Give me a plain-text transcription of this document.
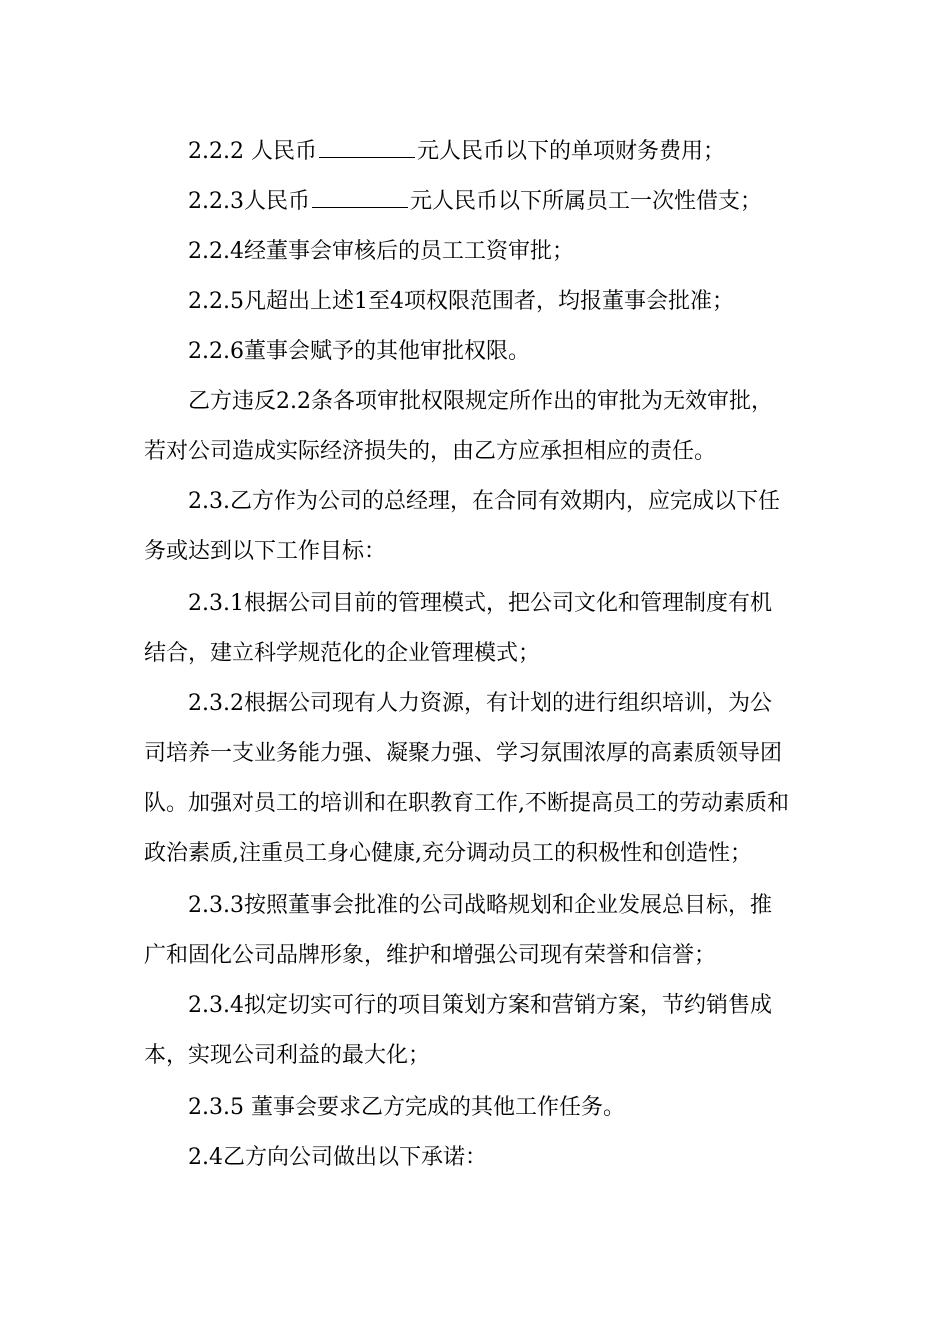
2.2.2 人民币	元人民币以下的单项财务费用；

2.2.3人民币	元人民币以下所属员工一次性借支；

2.2.4经董事会审核后的员工工资审批；

2.2.5凡超出上述1至4项权限范围者，均报董事会批准；

2.2.6董事会赋予的其他审批权限。

乙方违反2.2条各项审批权限规定所作出的审批为无效审批，

若对公司造成实际经济损失的，由乙方应承担相应的责任。

2.3.乙方作为公司的总经理，在合同有效期内，应完成以下任

务或达到以下工作目标：

2.3.1根据公司目前的管理模式，把公司文化和管理制度有机

结合，建立科学规范化的企业管理模式；

2.3.2根据公司现有人力资源，有计划的进行组织培训，为公

司培养一支业务能力强、凝聚力强、学习氛围浓厚的高素质领导团

队。加强对员工的培训和在职教育工作,不断提高员工的劳动素质和

政治素质,注重员工身心健康,充分调动员工的积极性和创造性；

2.3.3按照董事会批准的公司战略规划和企业发展总目标，推

广和固化公司品牌形象，维护和增强公司现有荣誉和信誉；

2.3.4拟定切实可行的项目策划方案和营销方案，节约销售成

本，实现公司利益的最大化；

2.3.5 董事会要求乙方完成的其他工作任务。

2.4乙方向公司做出以下承诺：
